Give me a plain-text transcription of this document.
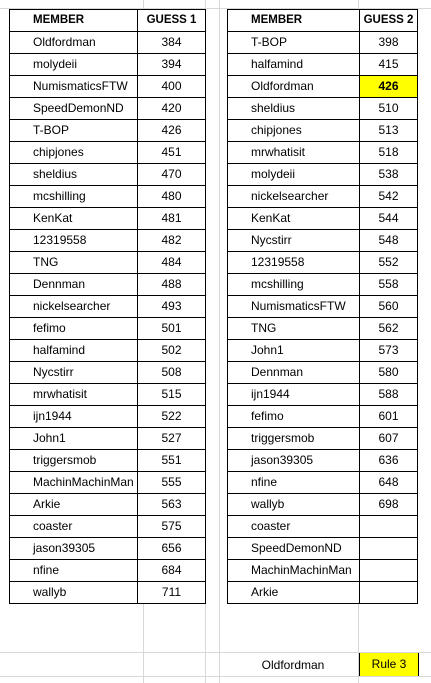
MEMBER	GUESS 1
Oldfordman	384
molydeii	394
NumismaticsFTW	400
SpeedDemonND	420
T-BOP	426
chipjones	451
sheldius	470
mcshilling	480
KenKat	481
12319558	482
TNG	484
Dennman	488
nickelsearcher	493
fefimo	501
halfamind	502
Nycstirr	508
mrwhatisit	515
ijn1944	522
John1	527
triggersmob	551
MachinMachinMan	555
Arkie	563
coaster	575
jason39305	656
nfine	684
wallyb	711
MEMBER	GUESS 2
T-BOP	398
halfamind	415
Oldfordman	426
sheldius	510
chipjones	513
mrwhatisit	518
molydeii	538
nickelsearcher	542
KenKat	544
Nycstirr	548
12319558	552
mcshilling	558
NumismaticsFTW	560
TNG	562
John1	573
Dennman	580
ijn1944	588
fefimo	601
triggersmob	607
jason39305	636
nfine	648
wallyb	698
coaster	
SpeedDemonND	
MachinMachinMan	
Arkie	
Oldfordman	Rule 3
